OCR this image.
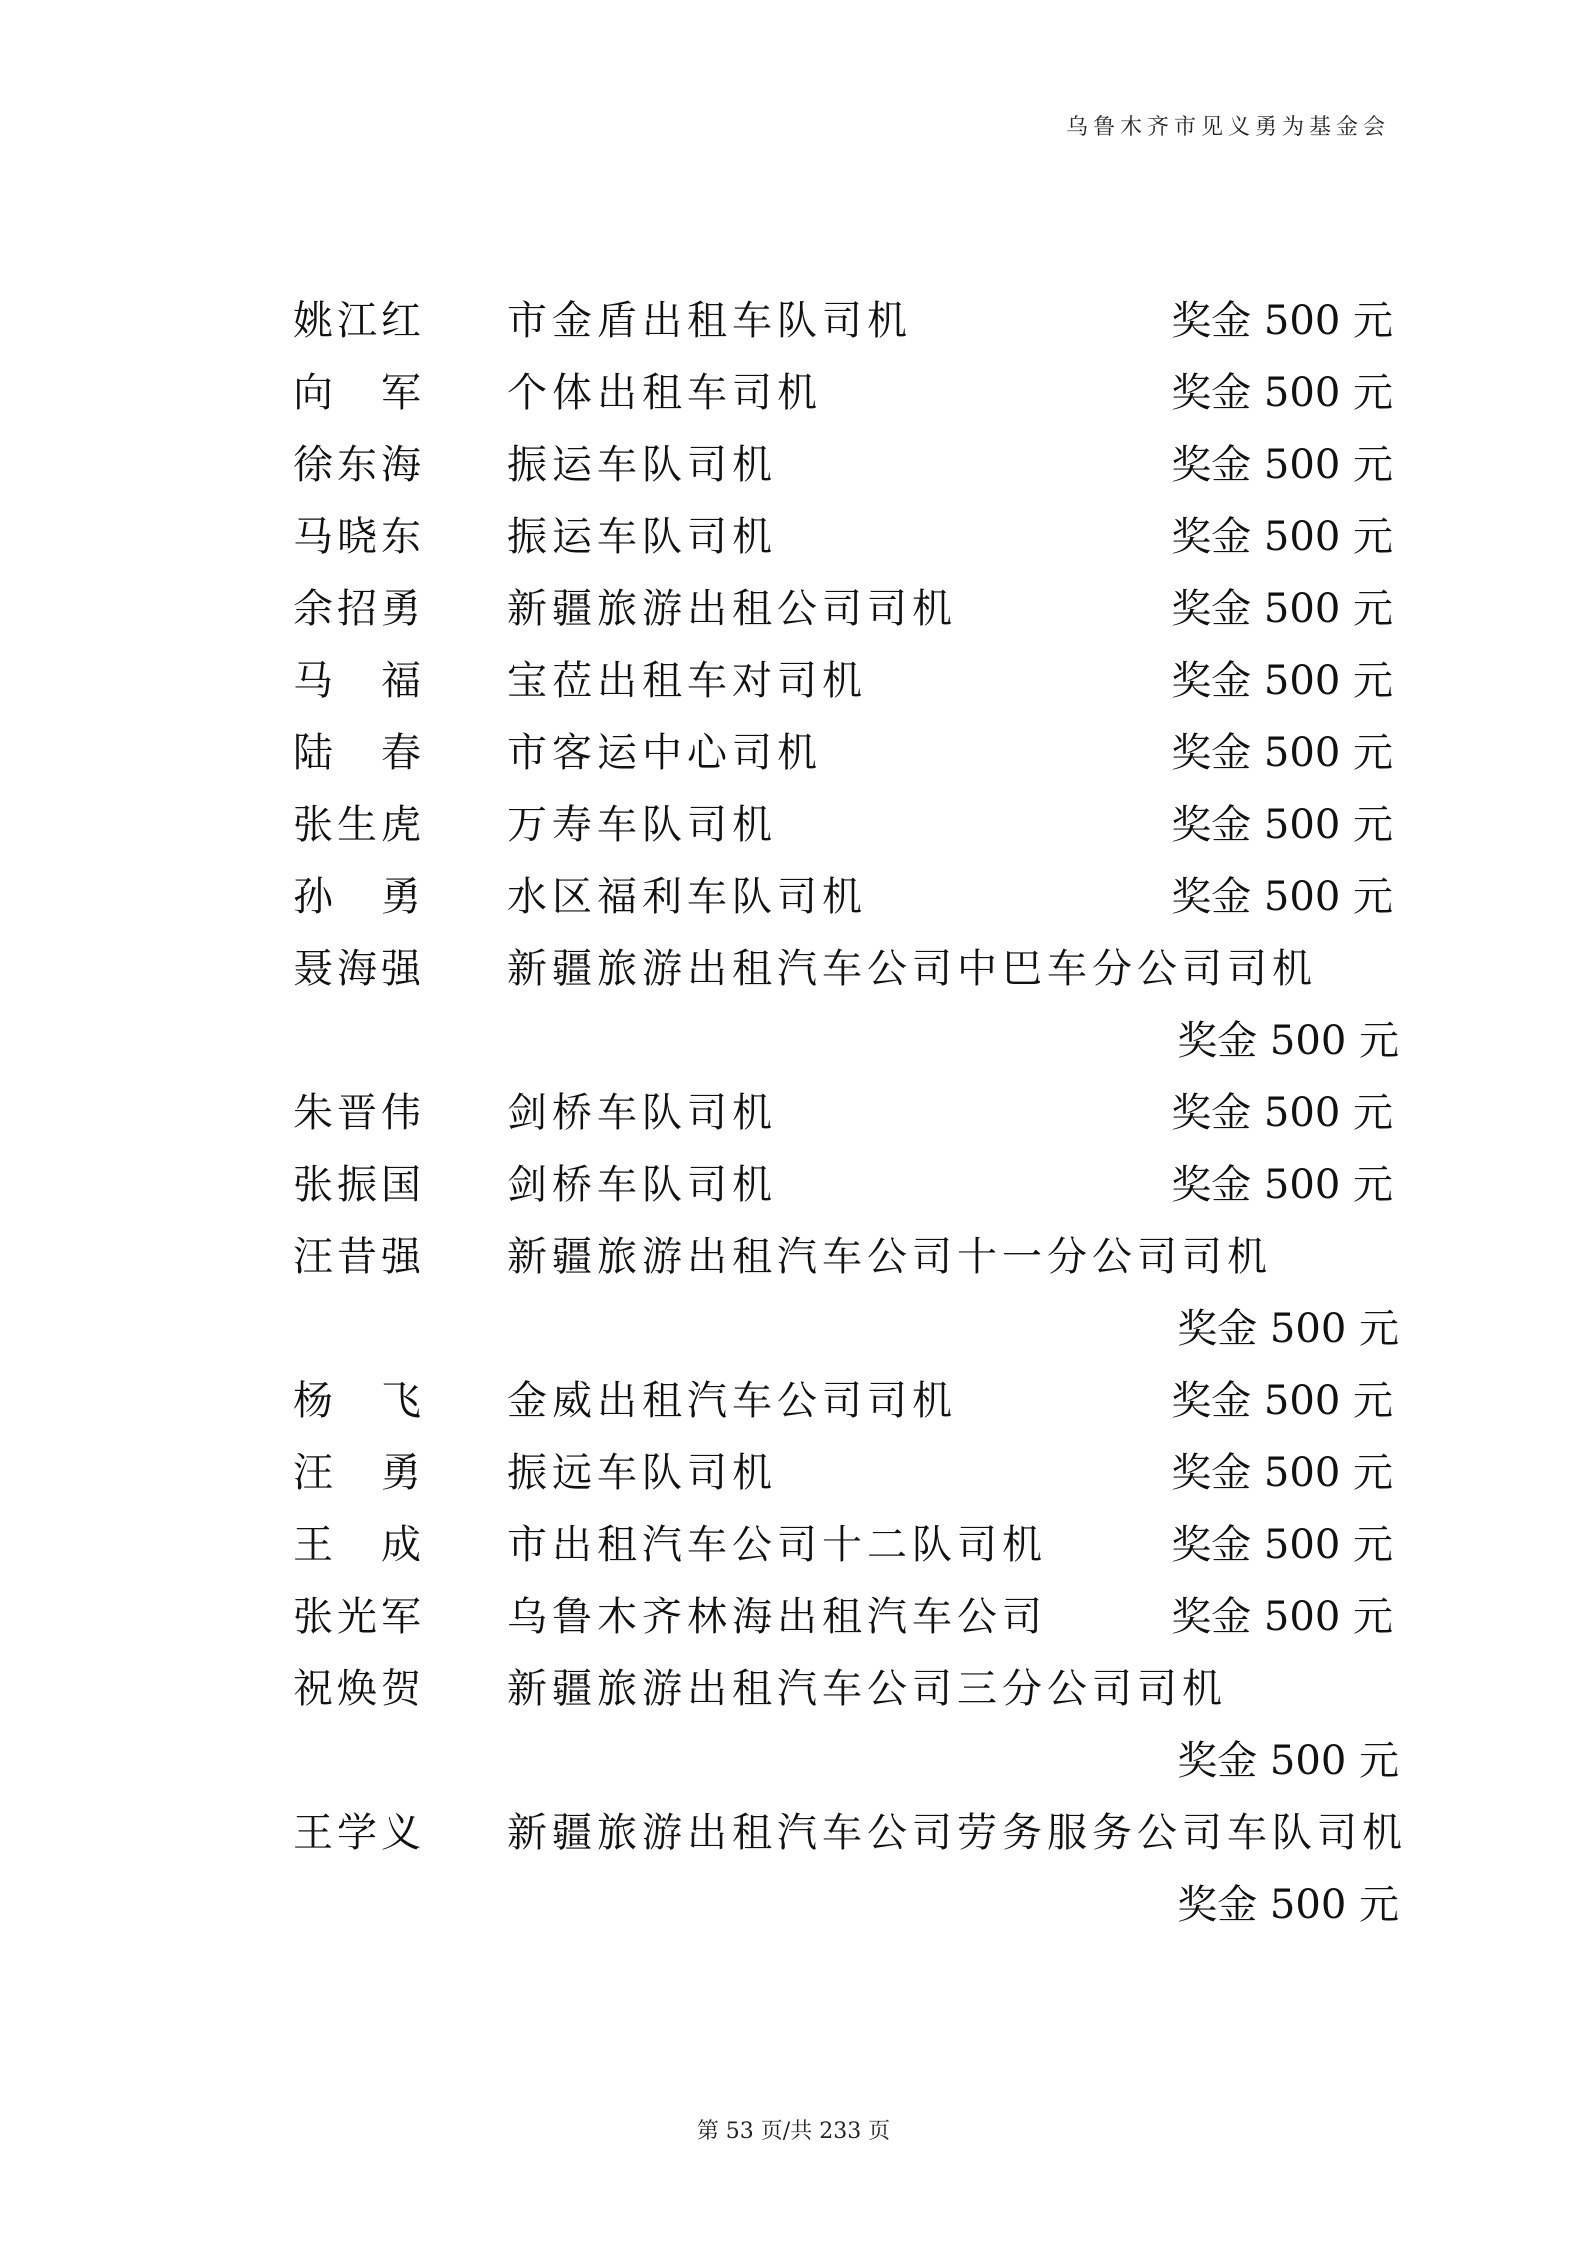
乌鲁木齐市见义勇为基金会
姚江红 市金盾出租车队司机	奖金 500 元
向　军 个体出租车司机	奖金 500 元
徐东海 振运车队司机	奖金 500 元
马晓东 振运车队司机	奖金 500 元
余招勇 新疆旅游出租公司司机	奖金 500 元
马　福 宝莅出租车对司机	奖金 500 元
陆　春 市客运中心司机	奖金 500 元
张生虎 万寿车队司机	奖金 500 元
孙　勇 水区福利车队司机	奖金 500 元
聂海强 新疆旅游出租汽车公司中巴车分公司司机
奖金 500 元
朱晋伟 剑桥车队司机	奖金 500 元
张振国 剑桥车队司机	奖金 500 元
汪昔强 新疆旅游出租汽车公司十一分公司司机
奖金 500 元
杨　飞 金威出租汽车公司司机	奖金 500 元
汪　勇 振远车队司机	奖金 500 元
王　成 市出租汽车公司十二队司机	奖金 500 元
张光军 乌鲁木齐林海出租汽车公司	奖金 500 元
祝焕贺 新疆旅游出租汽车公司三分公司司机
奖金 500 元
王学义 新疆旅游出租汽车公司劳务服务公司车队司机
奖金 500 元
第 53 页/共 233 页
